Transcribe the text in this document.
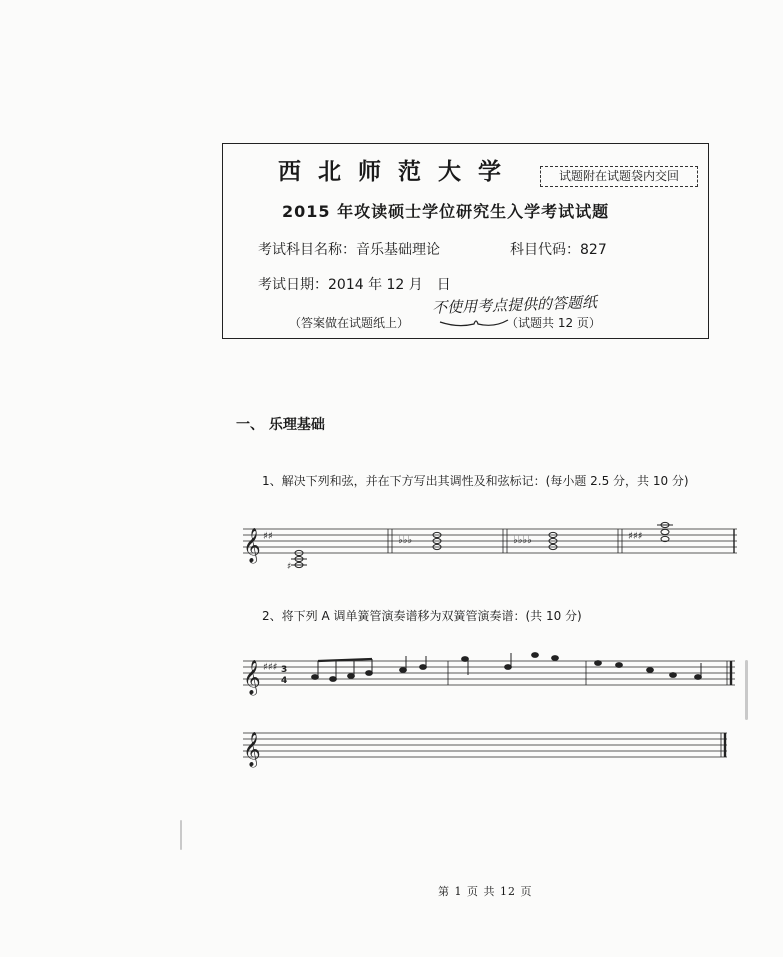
西北师范大学	试题附在试题袋内交回
2015 年攻读硕士学位研究生入学考试试题
考试科目名称：音乐基础理论	科目代码：827
考试日期：2014 年 12 月　日
（答案做在试题纸上）	（试题共 12 页）
不使用考点提供的答题纸
一、 乐理基础
1、解决下列和弦，并在下方写出其调性及和弦标记：(每小题 2.5 分，共 10 分)
𝄞 ♯♯
♯
♭♭♭	♭♭♭♭	♯♯♯
2、将下列 A 调单簧管演奏谱移为双簧管演奏谱：(共 10 分)
𝄞 ♯♯♯ 3
4
𝄞
第 1 页 共 12 页
